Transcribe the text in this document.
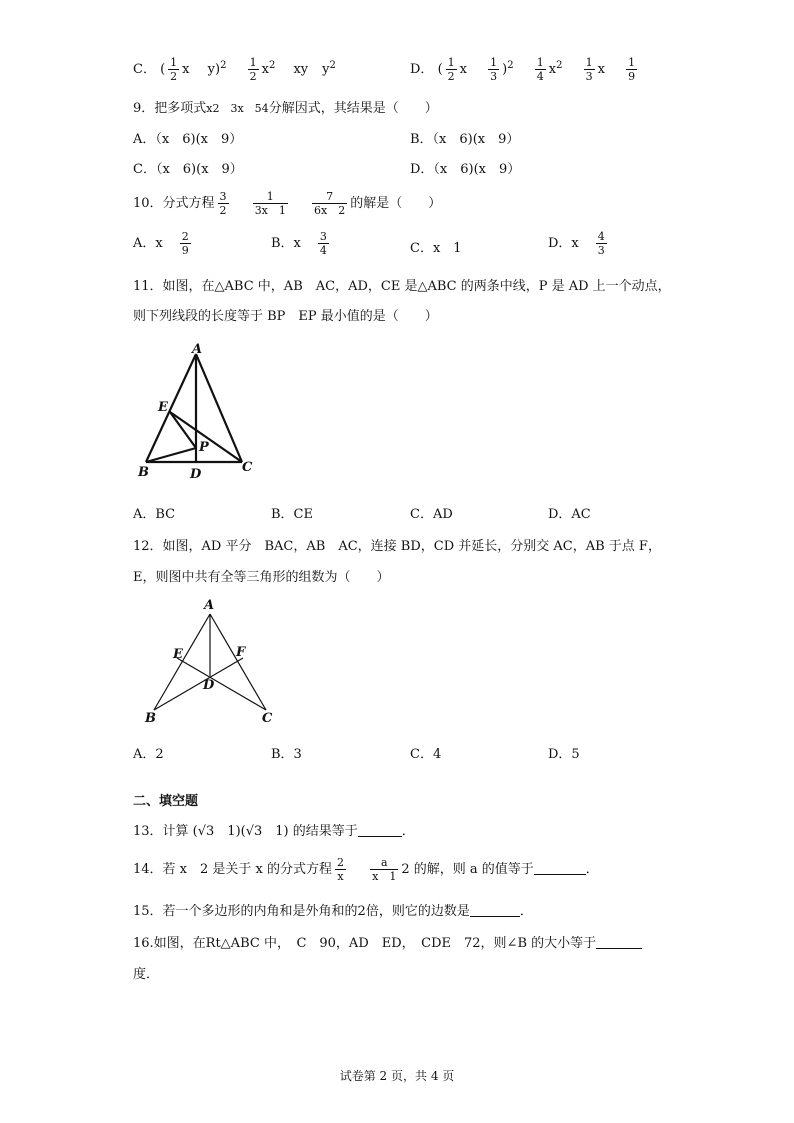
C． ( $\frac{1}{2}$ x $y)^2 \frac{1}{2} x^2$ xy $y^2$	D． ( $\frac{1}{2}$ x $\frac{1}{3} )^2 \frac{1}{4} x^2 \frac{1}{3}$ x $\frac{1}{9}$
9．把多项式x2　3x　54分解因式，其结果是（　　）
A．（x　6)(x　9）	B．（x　6)(x　9）
C．（x　6)(x　9）	D．（x　6)(x　9）
10．分式方程 $\frac{3}{2}$
$\frac{1}{3x 1}$
$\frac{7}{6x 2}$ 的解是（　　）
A．x $\frac{2}{9}$	B．x $\frac{3}{4}$	C．x　1	D．x $\frac{4}{3}$
11．如图，在△ABC 中，AB　AC，AD，CE 是△ABC 的两条中线，P 是 AD 上一个动点，
则下列线段的长度等于 BP　EP 最小值的是（　　）
A
E
P
B	D	C
A．BC	B．CE	C．AD	D．AC
12．如图，AD 平分　BAC，AB　AC，连接 BD，CD 并延长，分别交 AC，AB 于点 F，
E，则图中共有全等三角形的组数为（　　）
A
E	F
D
B	C
A．2	B．3	C．4	D．5
二、填空题
13．计算 (√3　1)(√3　1) 的结果等于	．
14．若 x　2 是关于 x 的分式方程 $\frac{2}{x}$
$\frac{a}{x 1} 2$ 的解，则 a 的值等于	．
15．若一个多边形的内角和是外角和的2倍，则它的边数是	．
16.如图，在Rt△ABC 中，　C　90，AD　ED，　CDE　72，则∠B 的大小等于
度．
试卷第 2 页，共 4 页
